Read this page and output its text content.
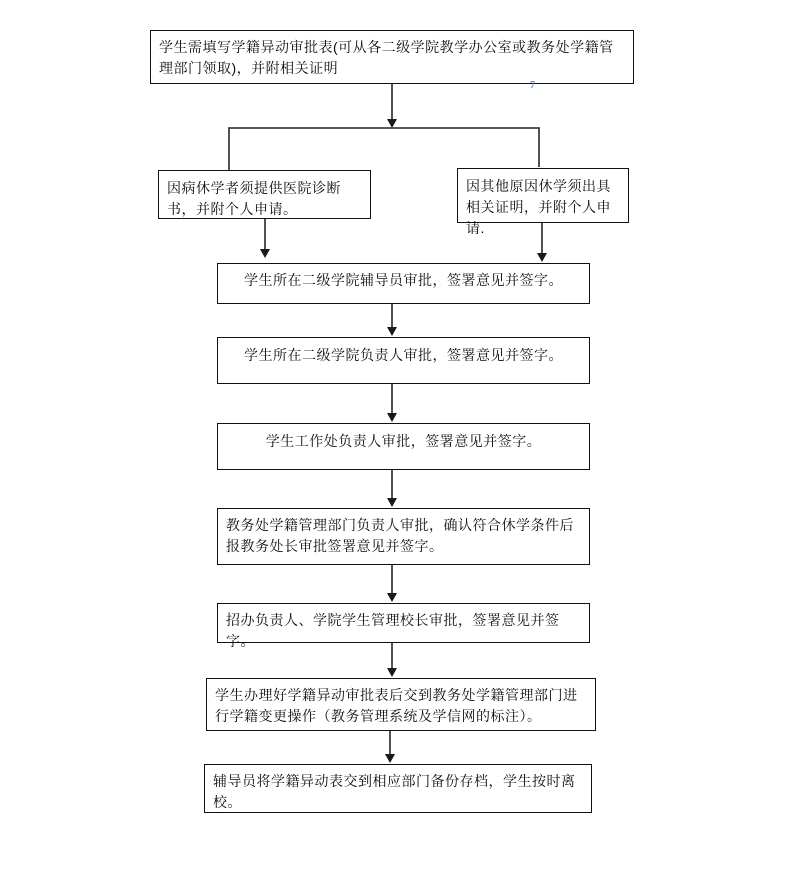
学生需填写学籍异动审批表(可从各二级学院教学办公室或教务处学籍管理部门领取)，并附相关证明
7
因病休学者须提供医院诊断书，并附个人申请。
因其他原因休学须出具相关证明，并附个人申请.
学生所在二级学院辅导员审批，签署意见并签字。
学生所在二级学院负责人审批，签署意见并签字。
学生工作处负责人审批，签署意见并签字。
教务处学籍管理部门负责人审批，确认符合休学条件后报教务处长审批签署意见并签字。
招办负责人、学院学生管理校长审批，签署意见并签字。
学生办理好学籍异动审批表后交到教务处学籍管理部门进行学籍变更操作（教务管理系统及学信网的标注）。
辅导员将学籍异动表交到相应部门备份存档，学生按时离校。
